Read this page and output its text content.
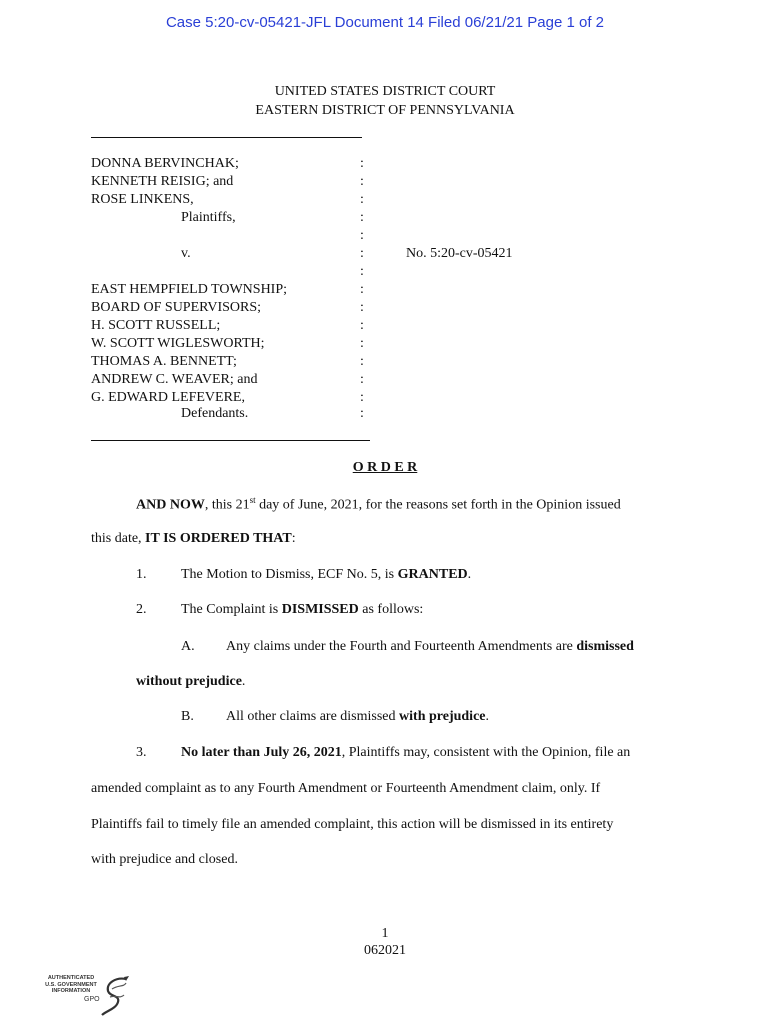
Case 5:20-cv-05421-JFL Document 14 Filed 06/21/21 Page 1 of 2
UNITED STATES DISTRICT COURT
EASTERN DISTRICT OF PENNSYLVANIA
DONNA BERVINCHAK;
KENNETH REISIG; and
ROSE LINKENS,
Plaintiffs,
v.	No. 5:20-cv-05421
EAST HEMPFIELD TOWNSHIP;
BOARD OF SUPERVISORS;
H. SCOTT RUSSELL;
W. SCOTT WIGLESWORTH;
THOMAS A. BENNETT;
ANDREW C. WEAVER; and
G. EDWARD LEFEVERE,
Defendants.
:
:
:
:
:
:
:
:
:
:
:
:
:
:
:
O R D E R
AND NOW, this 21st day of June, 2021, for the reasons set forth in the Opinion issued
this date, IT IS ORDERED THAT:
1. The Motion to Dismiss, ECF No. 5, is GRANTED.
2. The Complaint is DISMISSED as follows:
A. Any claims under the Fourth and Fourteenth Amendments are dismissed
without prejudice.
B. All other claims are dismissed with prejudice.
3. No later than July 26, 2021, Plaintiffs may, consistent with the Opinion, file an
amended complaint as to any Fourth Amendment or Fourteenth Amendment claim, only. If
Plaintiffs fail to timely file an amended complaint, this action will be dismissed in its entirety
with prejudice and closed.
1
062021
AUTHENTICATED
U.S. GOVERNMENT
INFORMATION
GPO
